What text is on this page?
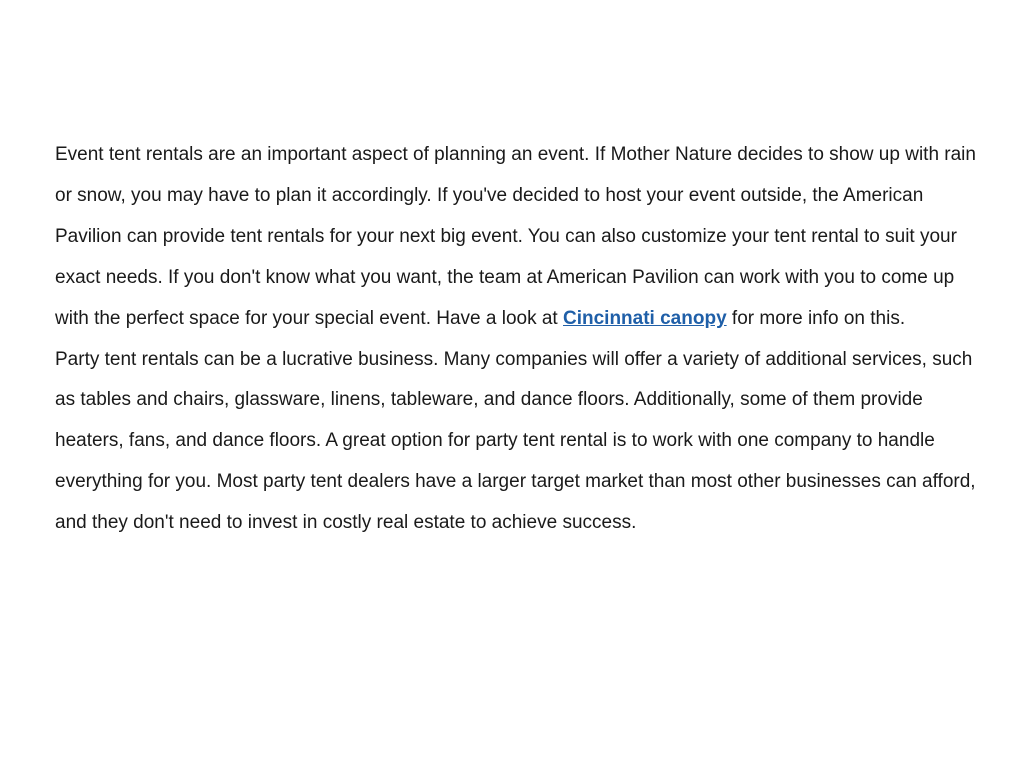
Event tent rentals are an important aspect of planning an event. If Mother Nature decides to show up with rain or snow, you may have to plan it accordingly. If you've decided to host your event outside, the American Pavilion can provide tent rentals for your next big event. You can also customize your tent rental to suit your exact needs. If you don't know what you want, the team at American Pavilion can work with you to come up with the perfect space for your special event. Have a look at Cincinnati canopy for more info on this.

Party tent rentals can be a lucrative business. Many companies will offer a variety of additional services, such as tables and chairs, glassware, linens, tableware, and dance floors. Additionally, some of them provide heaters, fans, and dance floors. A great option for party tent rental is to work with one company to handle everything for you. Most party tent dealers have a larger target market than most other businesses can afford, and they don't need to invest in costly real estate to achieve success.
